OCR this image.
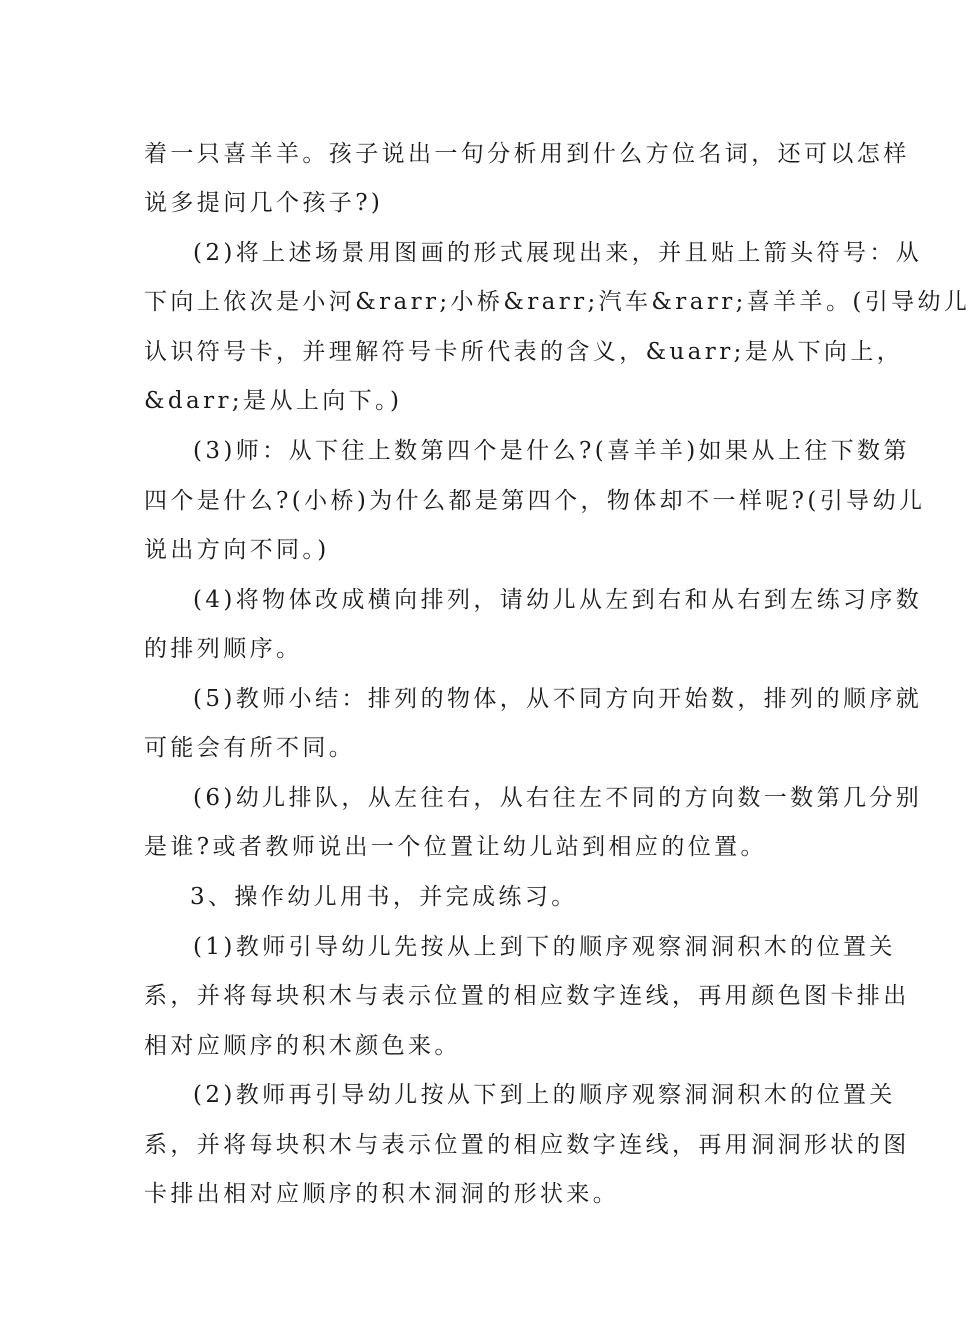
着一只喜羊羊。孩子说出一句分析用到什么方位名词，还可以怎样
说多提问几个孩子?)
(2)将上述场景用图画的形式展现出来，并且贴上箭头符号：从
下向上依次是小河&rarr;小桥&rarr;汽车&rarr;喜羊羊。(引导幼儿
认识符号卡，并理解符号卡所代表的含义，&uarr;是从下向上，
&darr;是从上向下。)
(3)师：从下往上数第四个是什么?(喜羊羊)如果从上往下数第
四个是什么?(小桥)为什么都是第四个，物体却不一样呢?(引导幼儿
说出方向不同。)
(4)将物体改成横向排列，请幼儿从左到右和从右到左练习序数
的排列顺序。
(5)教师小结：排列的物体，从不同方向开始数，排列的顺序就
可能会有所不同。
(6)幼儿排队，从左往右，从右往左不同的方向数一数第几分别
是谁?或者教师说出一个位置让幼儿站到相应的位置。
3、操作幼儿用书，并完成练习。
(1)教师引导幼儿先按从上到下的顺序观察洞洞积木的位置关
系，并将每块积木与表示位置的相应数字连线，再用颜色图卡排出
相对应顺序的积木颜色来。
(2)教师再引导幼儿按从下到上的顺序观察洞洞积木的位置关
系，并将每块积木与表示位置的相应数字连线，再用洞洞形状的图
卡排出相对应顺序的积木洞洞的形状来。
